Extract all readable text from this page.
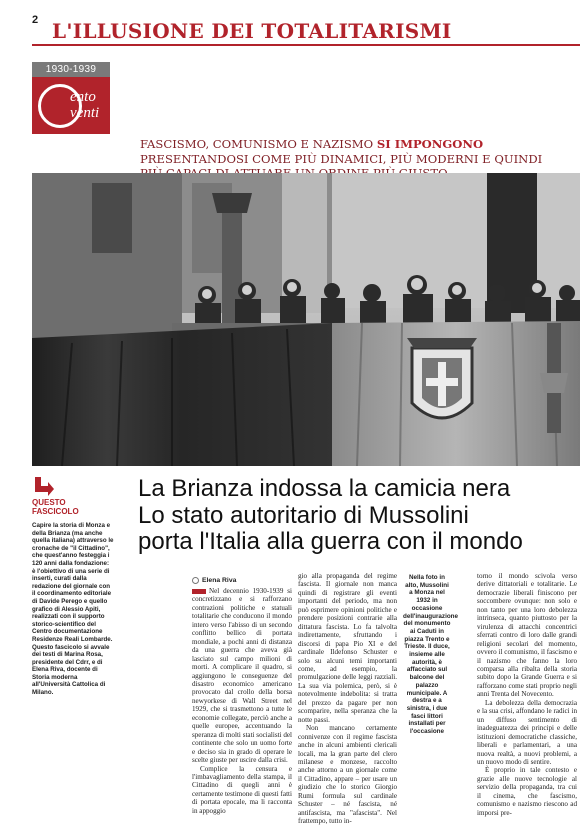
2 L'ILLUSIONE DEI TOTALITARISMI
1930-1939
ento
venti
FASCISMO, COMUNISMO E NAZISMO SI IMPONGONO PRESENTANDOSI COME PIÙ DINAMICI, PIÙ MODERNI E QUINDI
QUESTO
FASCICOLO
Capire la storia di Monza e della Brianza (ma anche quella italiana) attraverso le cronache de "il Cittadino", che quest'anno festeggia i 120 anni dalla fondazione: è l'obiettivo di una serie di inserti, curati dalla redazione del giornale con il coordinamento editoriale di Davide Perego e quello grafico di Alessio Apiti, realizzati con il supporto storico-scientifico del Centro documentazione Residenze Reali Lombarde. Questo fascicolo si avvale dei testi di Marina Rosa, presidente del Cdrr, e di Elena Riva, docente di Storia moderna all'Università Cattolica di Milano.
La Brianza indossa la camicia nera
Lo stato autoritario di Mussolini
porta l'Italia alla guerra con il mondo
Elena Riva

Nel decennio 1930-1939 si concretizzano e si rafforzano contrazioni politiche e statuali totalitarie che conducono il mondo intero verso l'abisso di un secondo conflitto bellico di portata mondiale, a pochi anni di distanza da una guerra che aveva già lasciato sul campo milioni di morti. A complicare il quadro, si aggiungono le conseguenze del disastro economico americano provocato dal crollo della borsa newyorkese di Wall Street nel 1929, che si trasmettono a tutte le economie collegate, perciò anche a quelle europee, accentuando la speranza di molti stati socialisti del continente che solo un uomo forte e deciso sia in grado di operare le scelte giuste per uscire dalla crisi.

Complice la censura e l'imbavagliamento della stampa, il Cittadino di quegli anni è certamente testimone di questi fatti di portata epocale, ma li racconta in appoggio

gio alla propaganda del regime fascista. Il giornale non manca quindi di registrare gli eventi importanti del periodo, ma non può esprimere opinioni politiche e prendere posizioni contrarie alla dittatura fascista. Lo fa talvolta indirettamente, sfruttando i discorsi di papa Pio XI e del cardinale Ildefonso Schuster e solo su alcuni temi importanti come, ad esempio, la promulgazione delle leggi razziali. La sua via polemica, però, si è notevolmente indebolita: si tratta del prezzo da pagare per non scomparire, nella speranza che la notte passi.

Non mancano certamente connivenze con il regime fascista anche in alcuni ambienti clericali locali, ma la gran parte del clero milanese e monzese, raccolto anche attorno a un giornale come il Cittadino, appare – per usare un giudizio che lo storico Giorgio Rumi formula sul cardinale Schuster – né fascista, né antifascista, ma "afascista". Nel frattempo, tutto in-

Nella foto in alto, Mussolini a Monza nel 1932 in occasione dell'inaugurazione del monumento ai Caduti in piazza Trento e Trieste. Il duce, insieme alle autorità, è affacciato sul balcone del palazzo municipale. A destra e a sinistra, i due fasci littori installati per l'occasione

torno il mondo scivola verso derive dittatoriali e totalitarie. Le democrazie liberali finiscono per soccombere ovunque: non solo e non tanto per una loro debolezza intrinseca, quanto piuttosto per la virulenza di attacchi concentrici sferrati contro di loro dalle grandi religioni secolari del momento, ovvero il comunismo, il fascismo e il nazismo che fanno la loro comparsa alla ribalta della storia subito dopo la Grande Guerra e si rafforzano come stati proprio negli anni Trenta del Novecento.

La debolezza della democrazia e la sua crisi, affondano le radici in un diffuso sentimento di inadeguatezza dei principi e delle istituzioni democratiche classiche, liberali e parlamentari, a una nuova realtà, a nuovi problemi, a un nuovo modo di sentire.

È proprio in tale contesto e grazie alle nuove tecnologie al servizio della propaganda, tra cui il cinema, che fascismo, comunismo e nazismo riescono ad imporsi pre-
